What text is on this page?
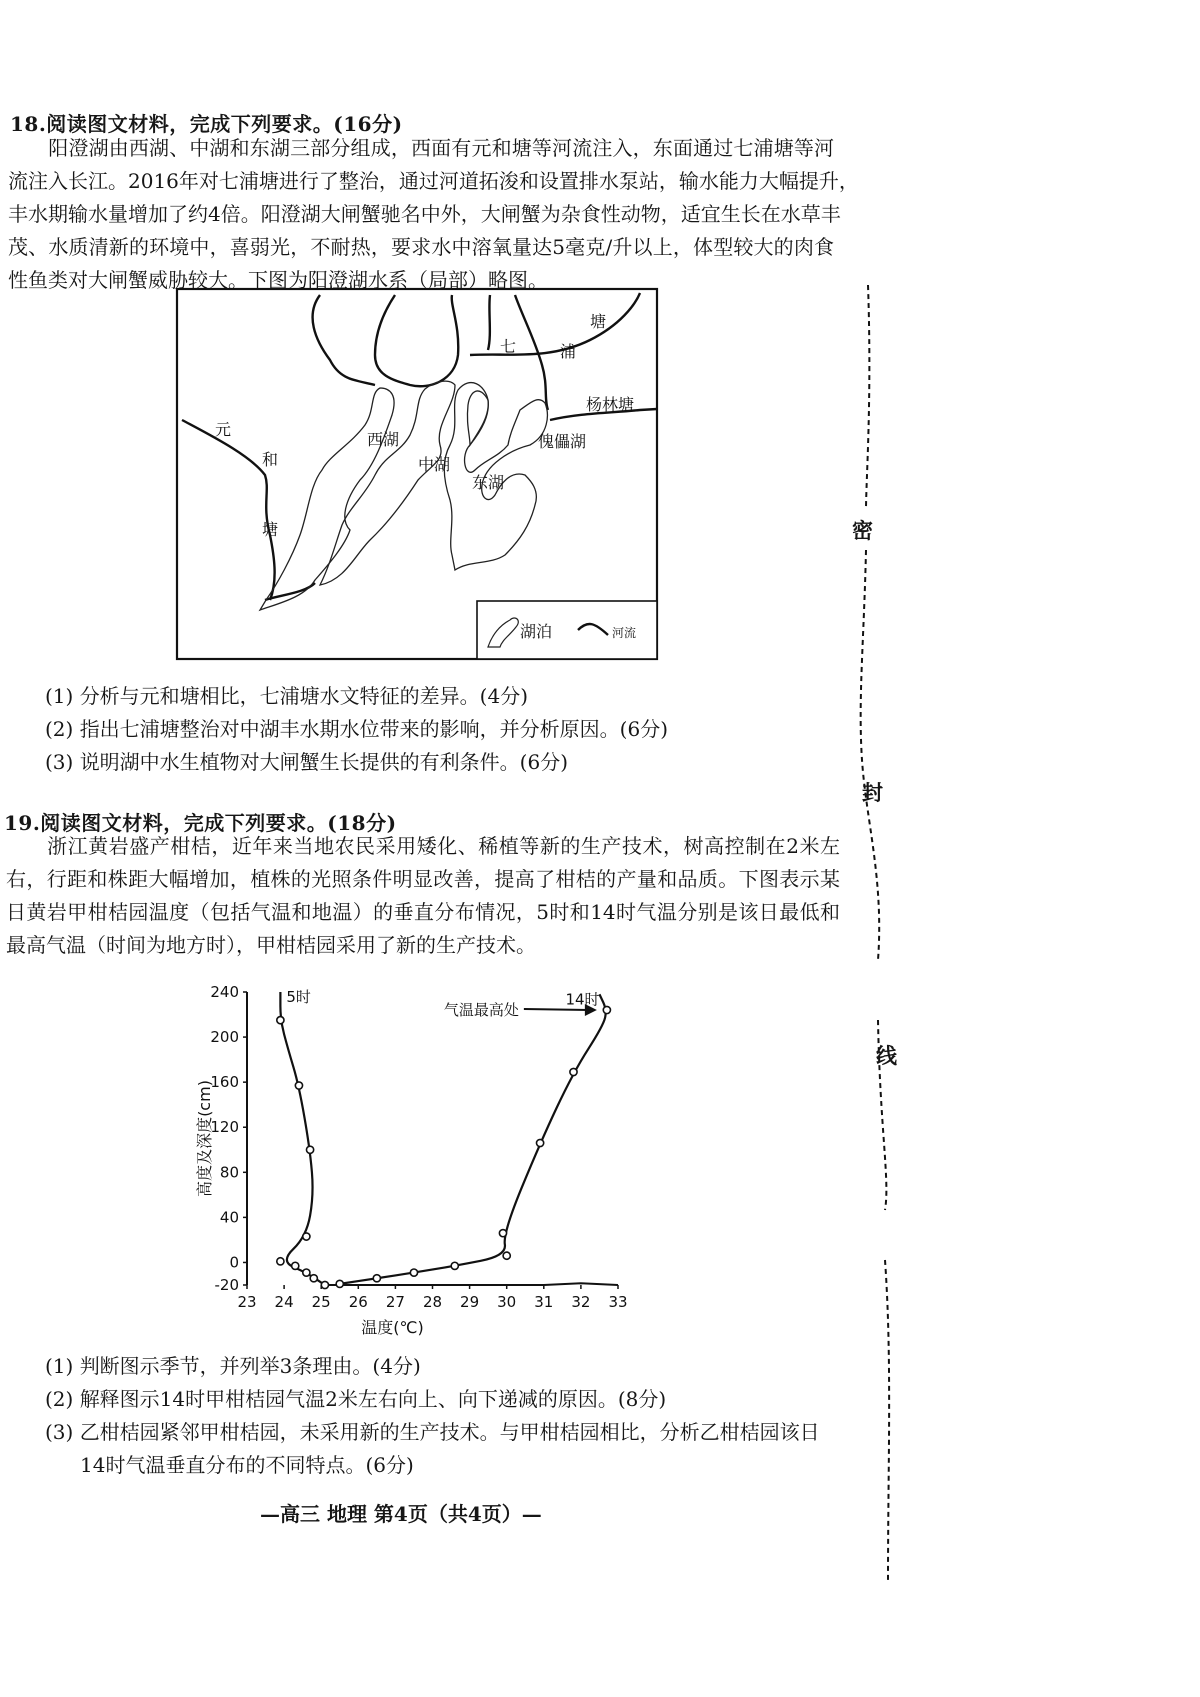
18.阅读图文材料，完成下列要求。(16分)
　　阳澄湖由西湖、中湖和东湖三部分组成，西面有元和塘等河流注入，东面通过七浦塘等河
流注入长江。2016年对七浦塘进行了整治，通过河道拓浚和设置排水泵站，输水能力大幅提升，
丰水期输水量增加了约4倍。阳澄湖大闸蟹驰名中外，大闸蟹为杂食性动物，适宜生长在水草丰
茂、水质清新的环境中，喜弱光，不耐热，要求水中溶氧量达5毫克/升以上，体型较大的肉食
性鱼类对大闸蟹威胁较大。下图为阳澄湖水系（局部）略图。
元
和
塘
七	浦
塘
杨林塘
西湖
中湖
东湖
傀儡湖
湖泊	河流
(1) 分析与元和塘相比，七浦塘水文特征的差异。(4分)
(2) 指出七浦塘整治对中湖丰水期水位带来的影响，并分析原因。(6分)
(3) 说明湖中水生植物对大闸蟹生长提供的有利条件。(6分)
19.阅读图文材料，完成下列要求。(18分)
　　浙江黄岩盛产柑桔，近年来当地农民采用矮化、稀植等新的生产技术，树高控制在2米左
右，行距和株距大幅增加，植株的光照条件明显改善，提高了柑桔的产量和品质。下图表示某
日黄岩甲柑桔园温度（包括气温和地温）的垂直分布情况，5时和14时气温分别是该日最低和
最高气温（时间为地方时），甲柑桔园采用了新的生产技术。
23 24 25 26 27 28 29 30 31 32 33
-20
0
40
80
120
160
200
240
温度(℃)
高度及深度(cm)
5时	14时
气温最高处
(1) 判断图示季节，并列举3条理由。(4分)
(2) 解释图示14时甲柑桔园气温2米左右向上、向下递减的原因。(8分)
(3) 乙柑桔园紧邻甲柑桔园，未采用新的生产技术。与甲柑桔园相比，分析乙柑桔园该日
14时气温垂直分布的不同特点。(6分)
—高三 地理 第4页（共4页）—
密
封
线
